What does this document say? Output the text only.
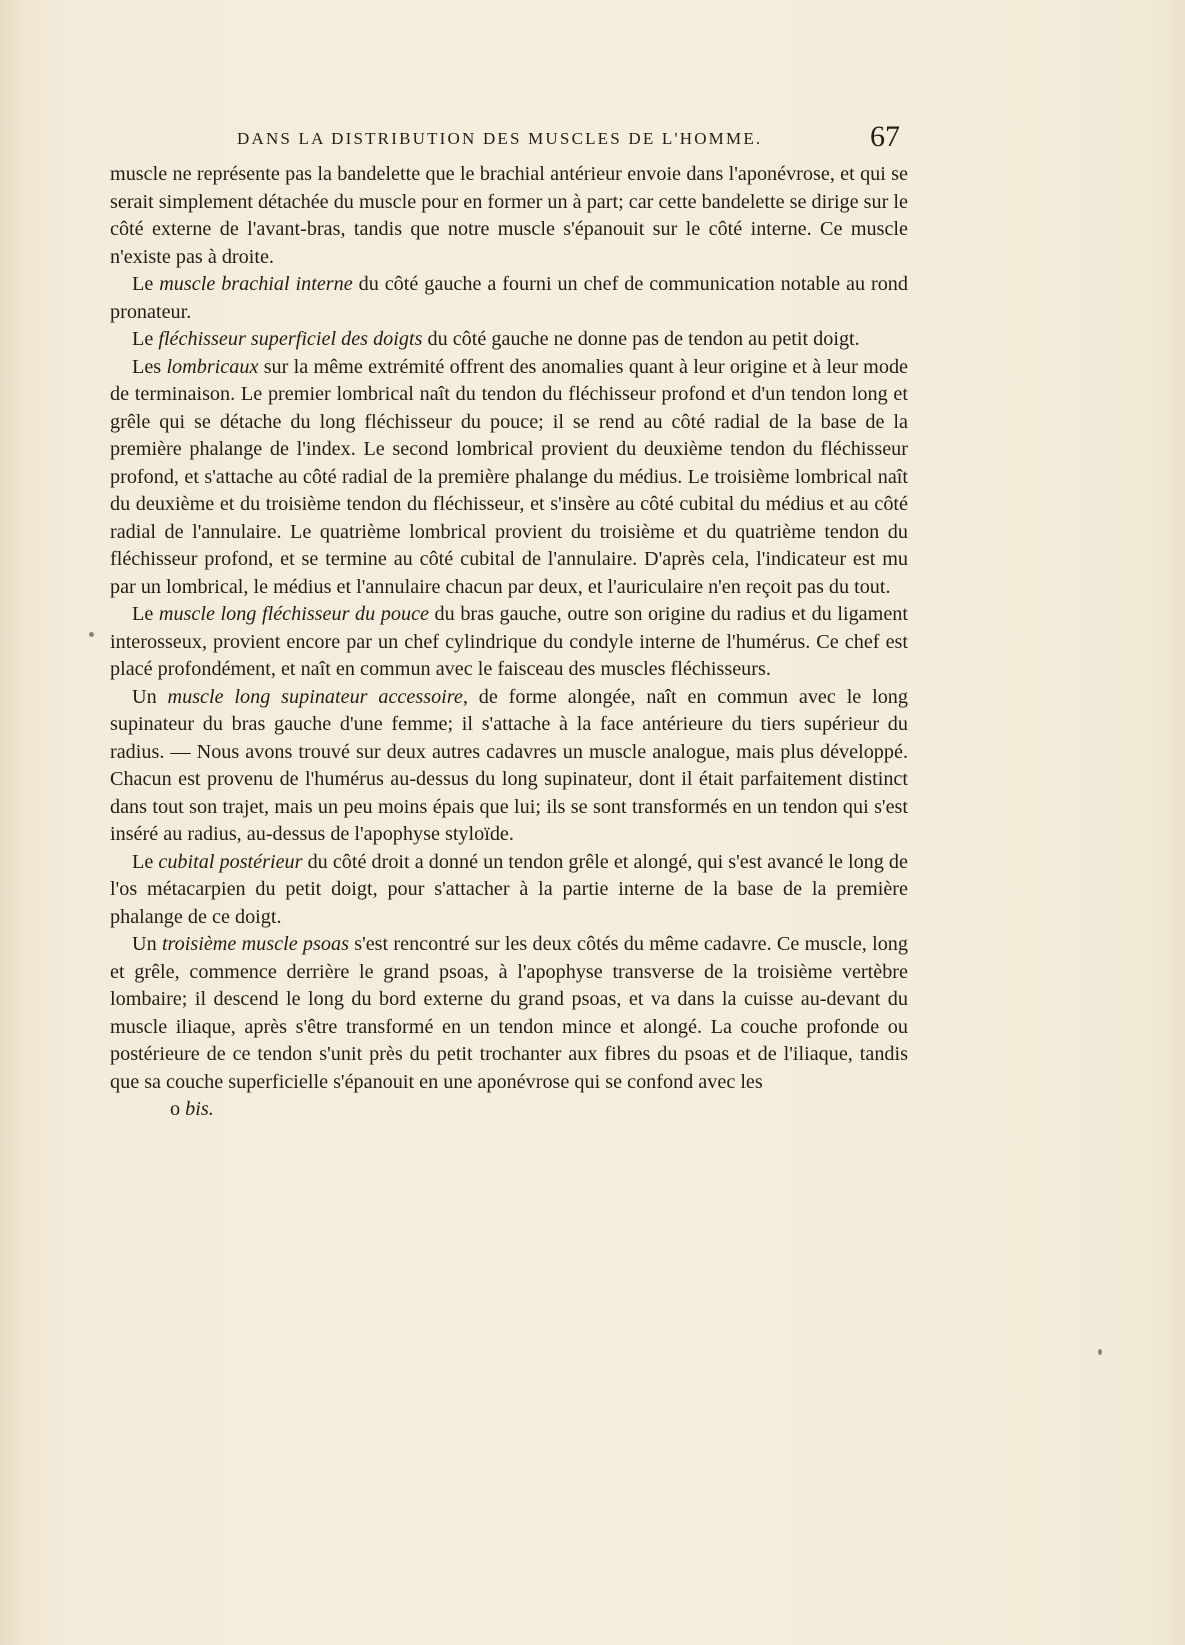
DANS LA DISTRIBUTION DES MUSCLES DE L'HOMME.	67

muscle ne représente pas la bandelette que le brachial antérieur envoie dans l'aponévrose, et qui se serait simplement détachée du muscle pour en former un à part; car cette bandelette se dirige sur le côté externe de l'avant-bras, tandis que notre muscle s'épanouit sur le côté interne. Ce muscle n'existe pas à droite.

Le muscle brachial interne du côté gauche a fourni un chef de communication notable au rond pronateur.

Le fléchisseur superficiel des doigts du côté gauche ne donne pas de tendon au petit doigt.

Les lombricaux sur la même extrémité offrent des anomalies quant à leur origine et à leur mode de terminaison. Le premier lombrical naît du tendon du fléchisseur profond et d'un tendon long et grêle qui se détache du long fléchisseur du pouce; il se rend au côté radial de la base de la première phalange de l'index. Le second lombrical provient du deuxième tendon du fléchisseur profond, et s'attache au côté radial de la première phalange du médius. Le troisième lombrical naît du deuxième et du troisième tendon du fléchisseur, et s'insère au côté cubital du médius et au côté radial de l'annulaire. Le quatrième lombrical provient du troisième et du quatrième tendon du fléchisseur profond, et se termine au côté cubital de l'annulaire. D'après cela, l'indicateur est mu par un lombrical, le médius et l'annulaire chacun par deux, et l'auriculaire n'en reçoit pas du tout.

Le muscle long fléchisseur du pouce du bras gauche, outre son origine du radius et du ligament interosseux, provient encore par un chef cylindrique du condyle interne de l'humérus. Ce chef est placé profondément, et naît en commun avec le faisceau des muscles fléchisseurs.

Un muscle long supinateur accessoire, de forme alongée, naît en commun avec le long supinateur du bras gauche d'une femme; il s'attache à la face antérieure du tiers supérieur du radius. — Nous avons trouvé sur deux autres cadavres un muscle analogue, mais plus développé. Chacun est provenu de l'humérus au-dessus du long supinateur, dont il était parfaitement distinct dans tout son trajet, mais un peu moins épais que lui; ils se sont transformés en un tendon qui s'est inséré au radius, au-dessus de l'apophyse styloïde.

Le cubital postérieur du côté droit a donné un tendon grêle et alongé, qui s'est avancé le long de l'os métacarpien du petit doigt, pour s'attacher à la partie interne de la base de la première phalange de ce doigt.

Un troisième muscle psoas s'est rencontré sur les deux côtés du même cadavre. Ce muscle, long et grêle, commence derrière le grand psoas, à l'apophyse transverse de la troisième vertèbre lombaire; il descend le long du bord externe du grand psoas, et va dans la cuisse au-devant du muscle iliaque, après s'être transformé en un tendon mince et alongé. La couche profonde ou postérieure de ce tendon s'unit près du petit trochanter aux fibres du psoas et de l'iliaque, tandis que sa couche superficielle s'épanouit en une aponévrose qui se confond avec les

o bis.
